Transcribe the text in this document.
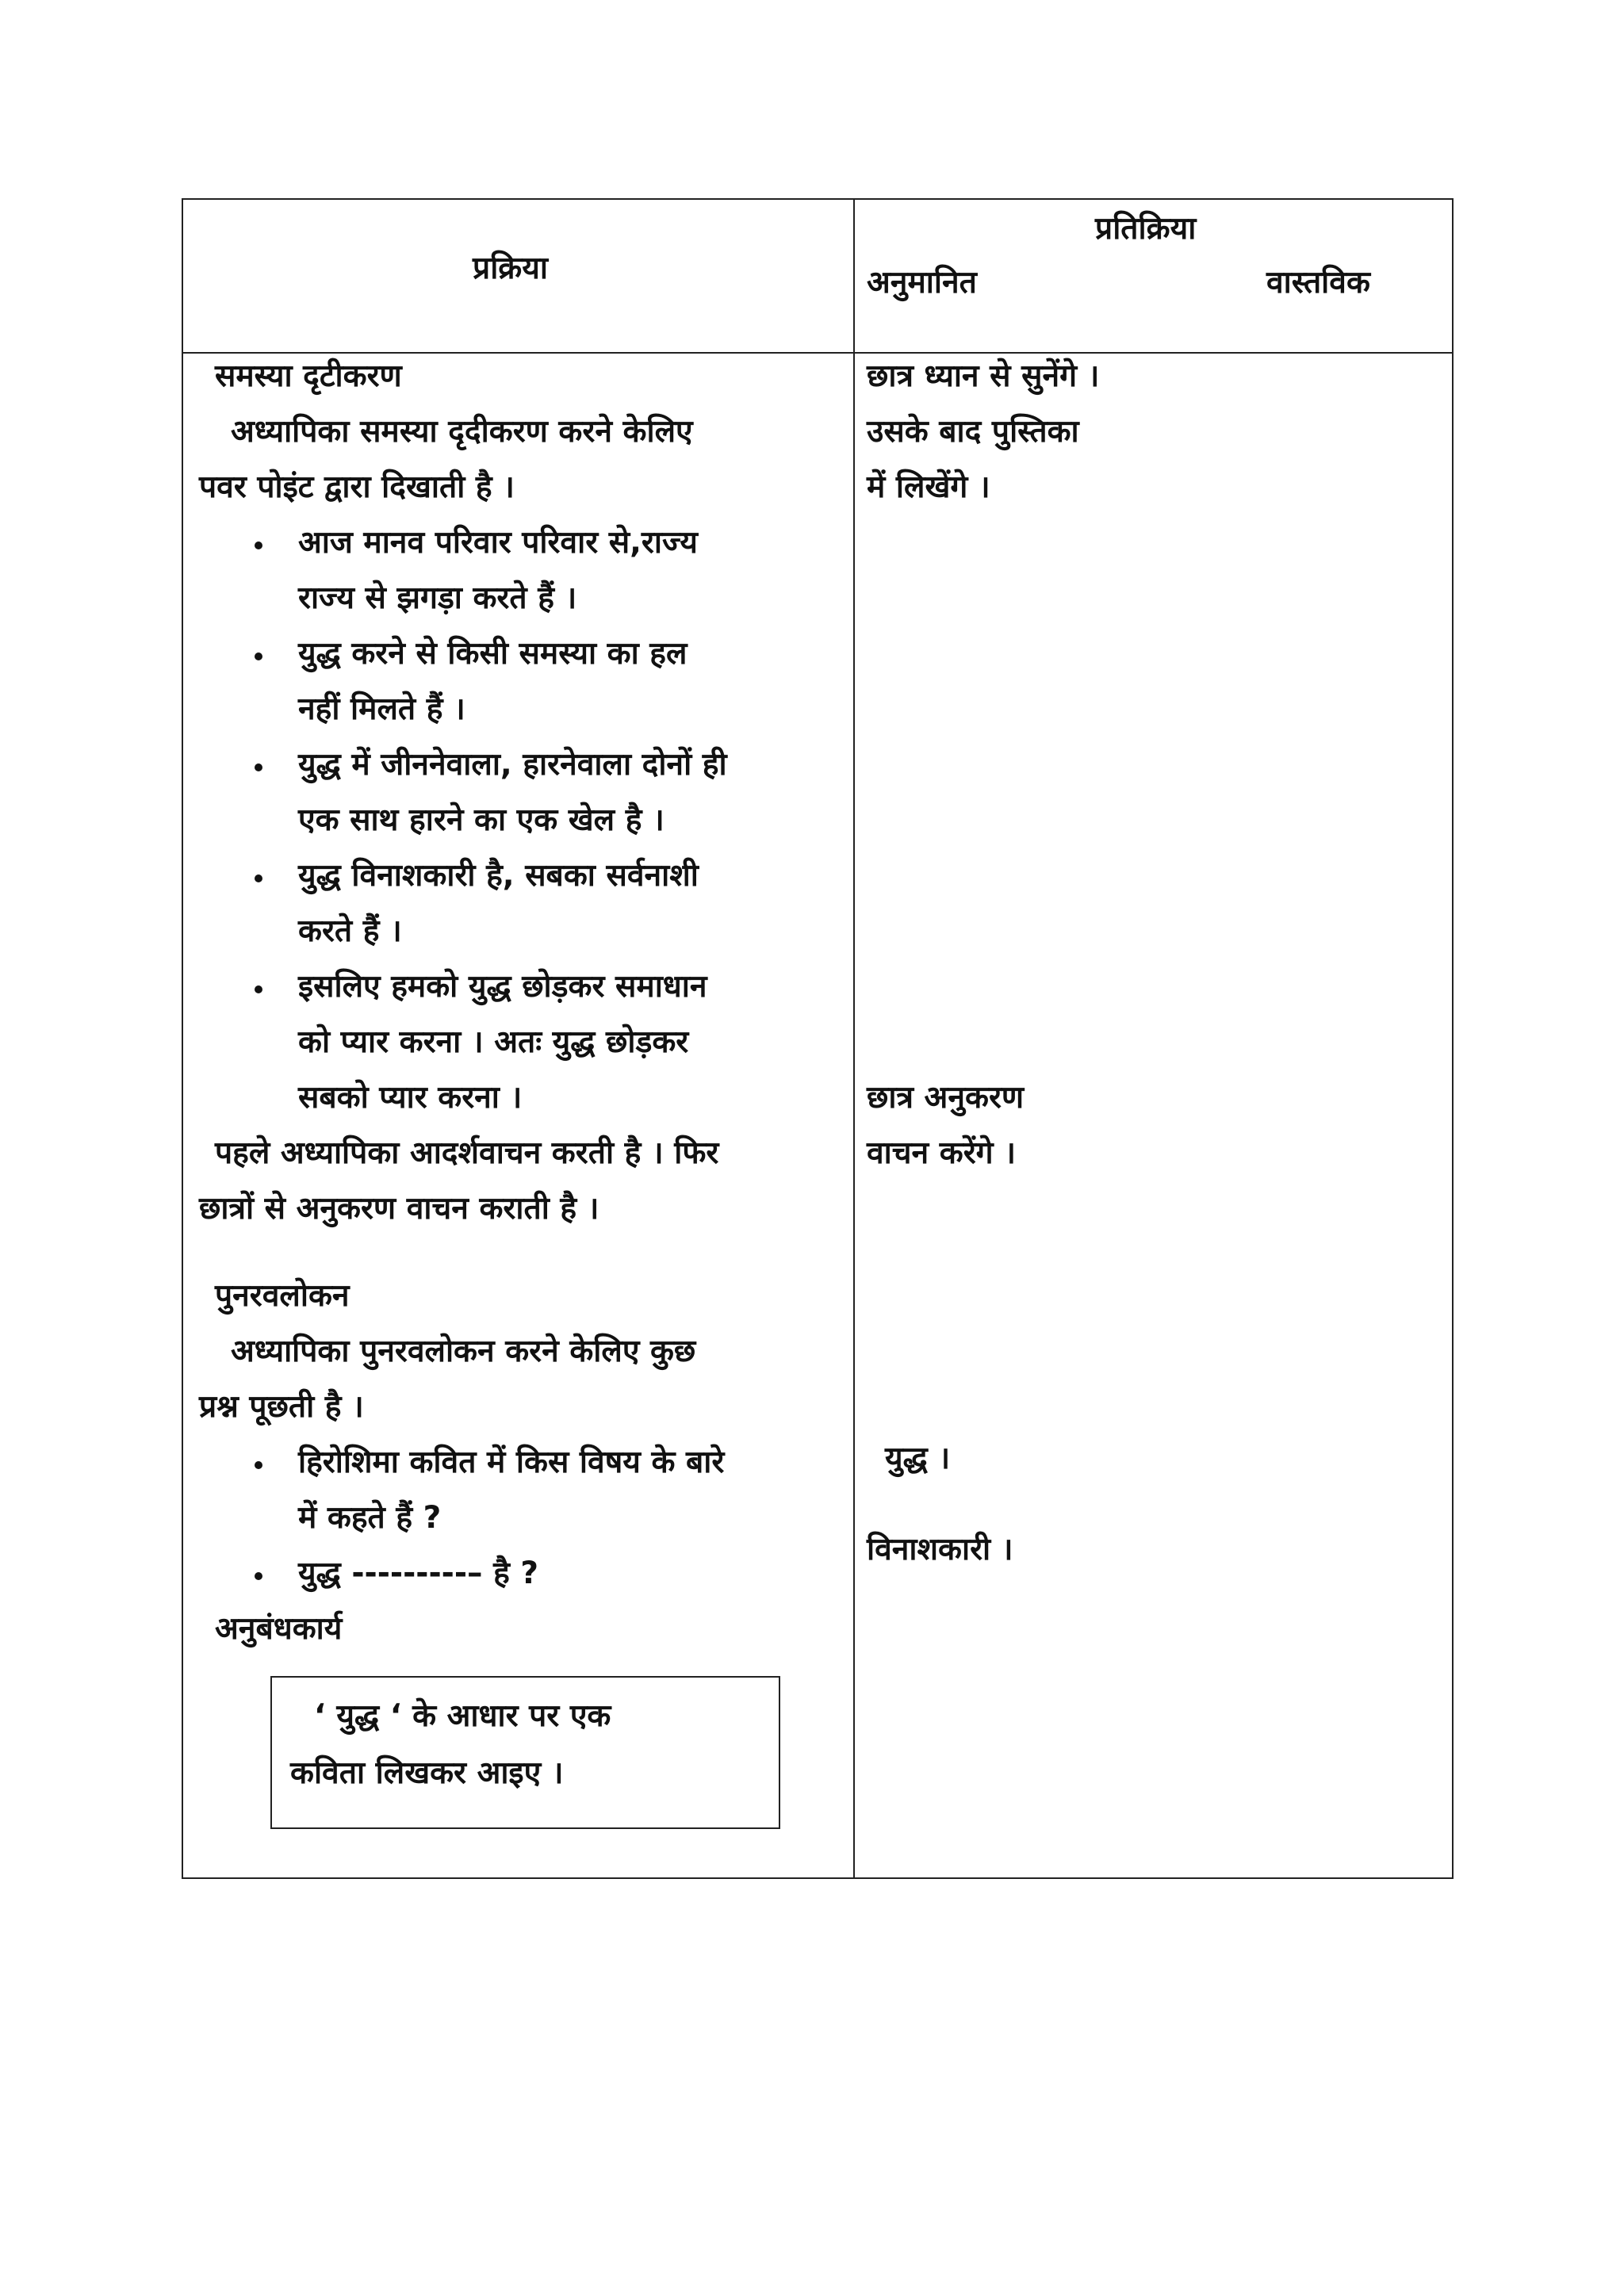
प्रक्रिया
प्रतिक्रिया
अनुमानित	वास्तविक
समस्या दृटीकरण
अध्यापिका समस्या दृदीकरण करने केलिए
पवर पोइंट द्वारा दिखाती है ।
आज मानव परिवार परिवार से,राज्य
राज्य से झगड़ा करते हैं ।
युद्ध करने से किसी समस्या का हल
नहीं मिलते हैं ।
युद्ध में जीननेवाला, हारनेवाला दोनों ही
एक साथ हारने का एक खेल है ।
युद्ध विनाशकारी है, सबका सर्वनाशी
करते हैं ।
इसलिए हमको युद्ध छोड़कर समाधान
को प्यार करना । अतः युद्ध छोड़कर
सबको प्यार करना ।
पहले अध्यापिका आदर्शवाचन करती है । फिर
छात्रों से अनुकरण वाचन कराती है ।
पुनरवलोकन
अध्यापिका पुनरवलोकन करने केलिए कुछ
प्रश्न पूछती है ।
हिरोशिमा कवित में किस विषय के बारे
में कहते हैं ?
युद्ध ---------– है ?
अनुबंधकार्य
‘ युद्ध ‘ के आधार पर एक
कविता लिखकर आइए ।
छात्र ध्यान से सुनेंगे ।
उसके बाद पुस्तिका
में लिखेंगे ।
छात्र अनुकरण
वाचन करेंगे ।
युद्ध ।
विनाशकारी ।
